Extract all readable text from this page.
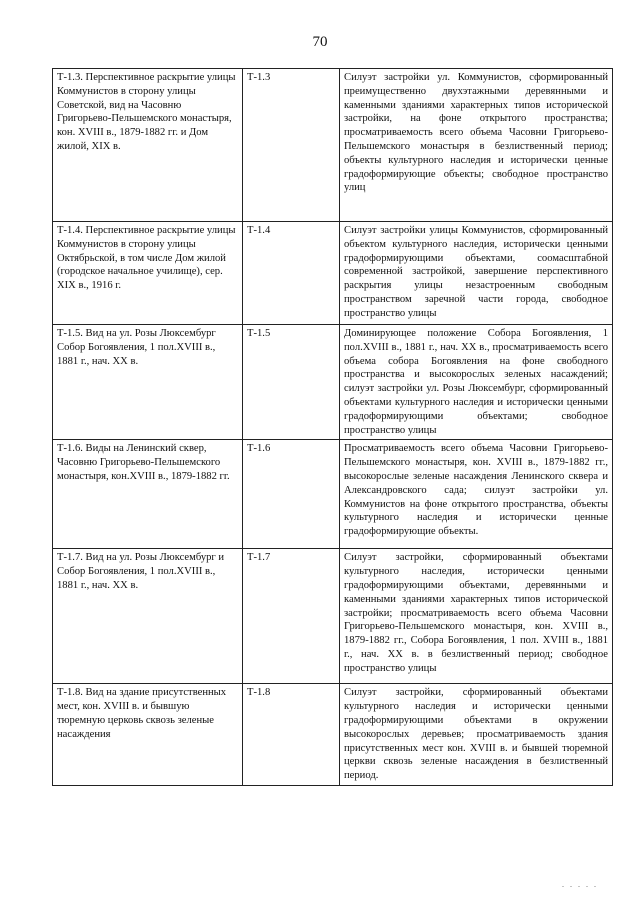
70
Т-1.3. Перспективное раскрытие улицы Коммунистов в сторону улицы Советской, вид на Часовню Григорьево-Пельшемского монастыря, кон. XVIII в., 1879-1882 гг. и Дом жилой, XIX в.	Т-1.3	Силуэт застройки ул. Коммунистов, сформированный преимущественно двухэтажными деревянными и каменными зданиями характерных типов исторической застройки, на фоне открытого пространства; просматриваемость всего объема Часовни Григорьево-Пельшемского монастыря в безлиственный период; объекты культурного наследия и исторически ценные градоформирующие объекты; свободное пространство улиц
Т-1.4. Перспективное раскрытие улицы Коммунистов в сторону улицы Октябрьской, в том числе Дом жилой (городское начальное училище), сер. XIX в., 1916 г.	Т-1.4	Силуэт застройки улицы Коммунистов, сформированный объектом культурного наследия, исторически ценными градоформирующими объектами, соомасштабной современной застройкой, завершение перспективного раскрытия улицы незастроенным свободным пространством заречной части города, свободное пространство улицы
Т-1.5. Вид на ул. Розы Люксембург Собор Богоявления, 1 пол.XVIII в., 1881 г., нач. XX в.	Т-1.5	Доминирующее положение Собора Богоявления, 1 пол.XVIII в., 1881 г., нач. XX в., просматриваемость всего объема собора Богоявления на фоне свободного пространства и высокорослых зеленых насаждений; силуэт застройки ул. Розы Люксембург, сформированный объектами культурного наследия и исторически ценными градоформирующими объектами; свободное пространство улицы
Т-1.6. Виды на Ленинский сквер, Часовню Григорьево-Пельшемского монастыря, кон.XVIII в., 1879-1882 гг.	Т-1.6	Просматриваемость всего объема Часовни Григорьево-Пельшемского монастыря, кон. XVIII в., 1879-1882 гг., высокорослые зеленые насаждения Ленинского сквера и Александровского сада; силуэт застройки ул. Коммунистов на фоне открытого пространства, объекты культурного наследия и исторически ценные градоформирующие объекты.
Т-1.7. Вид на ул. Розы Люксембург и Собор Богоявления, 1 пол.XVIII в., 1881 г., нач. XX в.	Т-1.7	Силуэт застройки, сформированный объектами культурного наследия, исторически ценными градоформирующими объектами, деревянными и каменными зданиями характерных типов исторической застройки; просматриваемость всего объема Часовни Григорьево-Пельшемского монастыря, кон. XVIII в., 1879-1882 гг., Собора Богоявления, 1 пол. XVIII в., 1881 г., нач. XX в. в безлиственный период; свободное пространство улицы
Т-1.8. Вид на здание присутственных мест, кон. XVIII в. и бывшую тюремную церковь сквозь зеленые насаждения	Т-1.8	Силуэт застройки, сформированный объектами культурного наследия и исторически ценными градоформирующими объектами в окружении высокорослых деревьев; просматриваемость здания присутственных мест кон. XVIII в. и бывшей тюремной церкви сквозь зеленые насаждения в безлиственный период.
. . . . .
